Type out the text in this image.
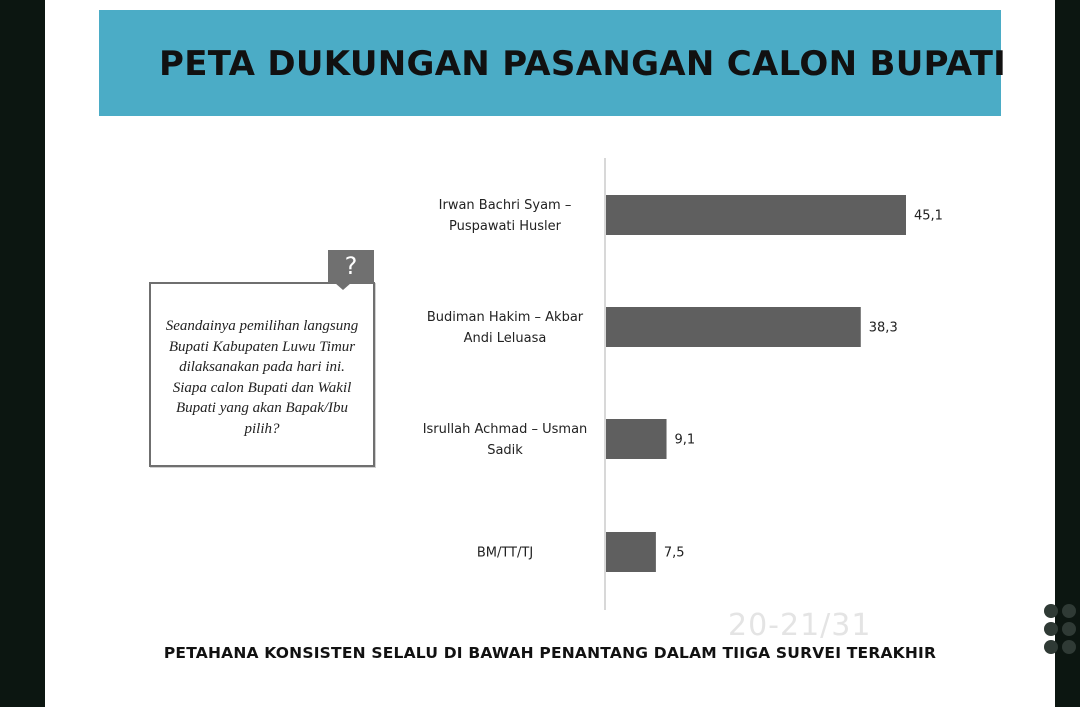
PETA DUKUNGAN PASANGAN CALON BUPATI
Seandainya pemilihan langsung Bupati Kabupaten Luwu Timur dilaksanakan pada hari ini. Siapa calon Bupati dan Wakil Bupati yang akan Bapak/Ibu pilih?
?
45,1
Irwan Bachri Syam – Puspawati Husler
38,3
Budiman Hakim – Akbar Andi Leluasa
9,1
Isrullah Achmad – Usman Sadik
7,5
BM/TT/TJ
PETAHANA KONSISTEN SELALU DI BAWAH PENANTANG DALAM TIIGA SURVEI TERAKHIR
20-21/31
